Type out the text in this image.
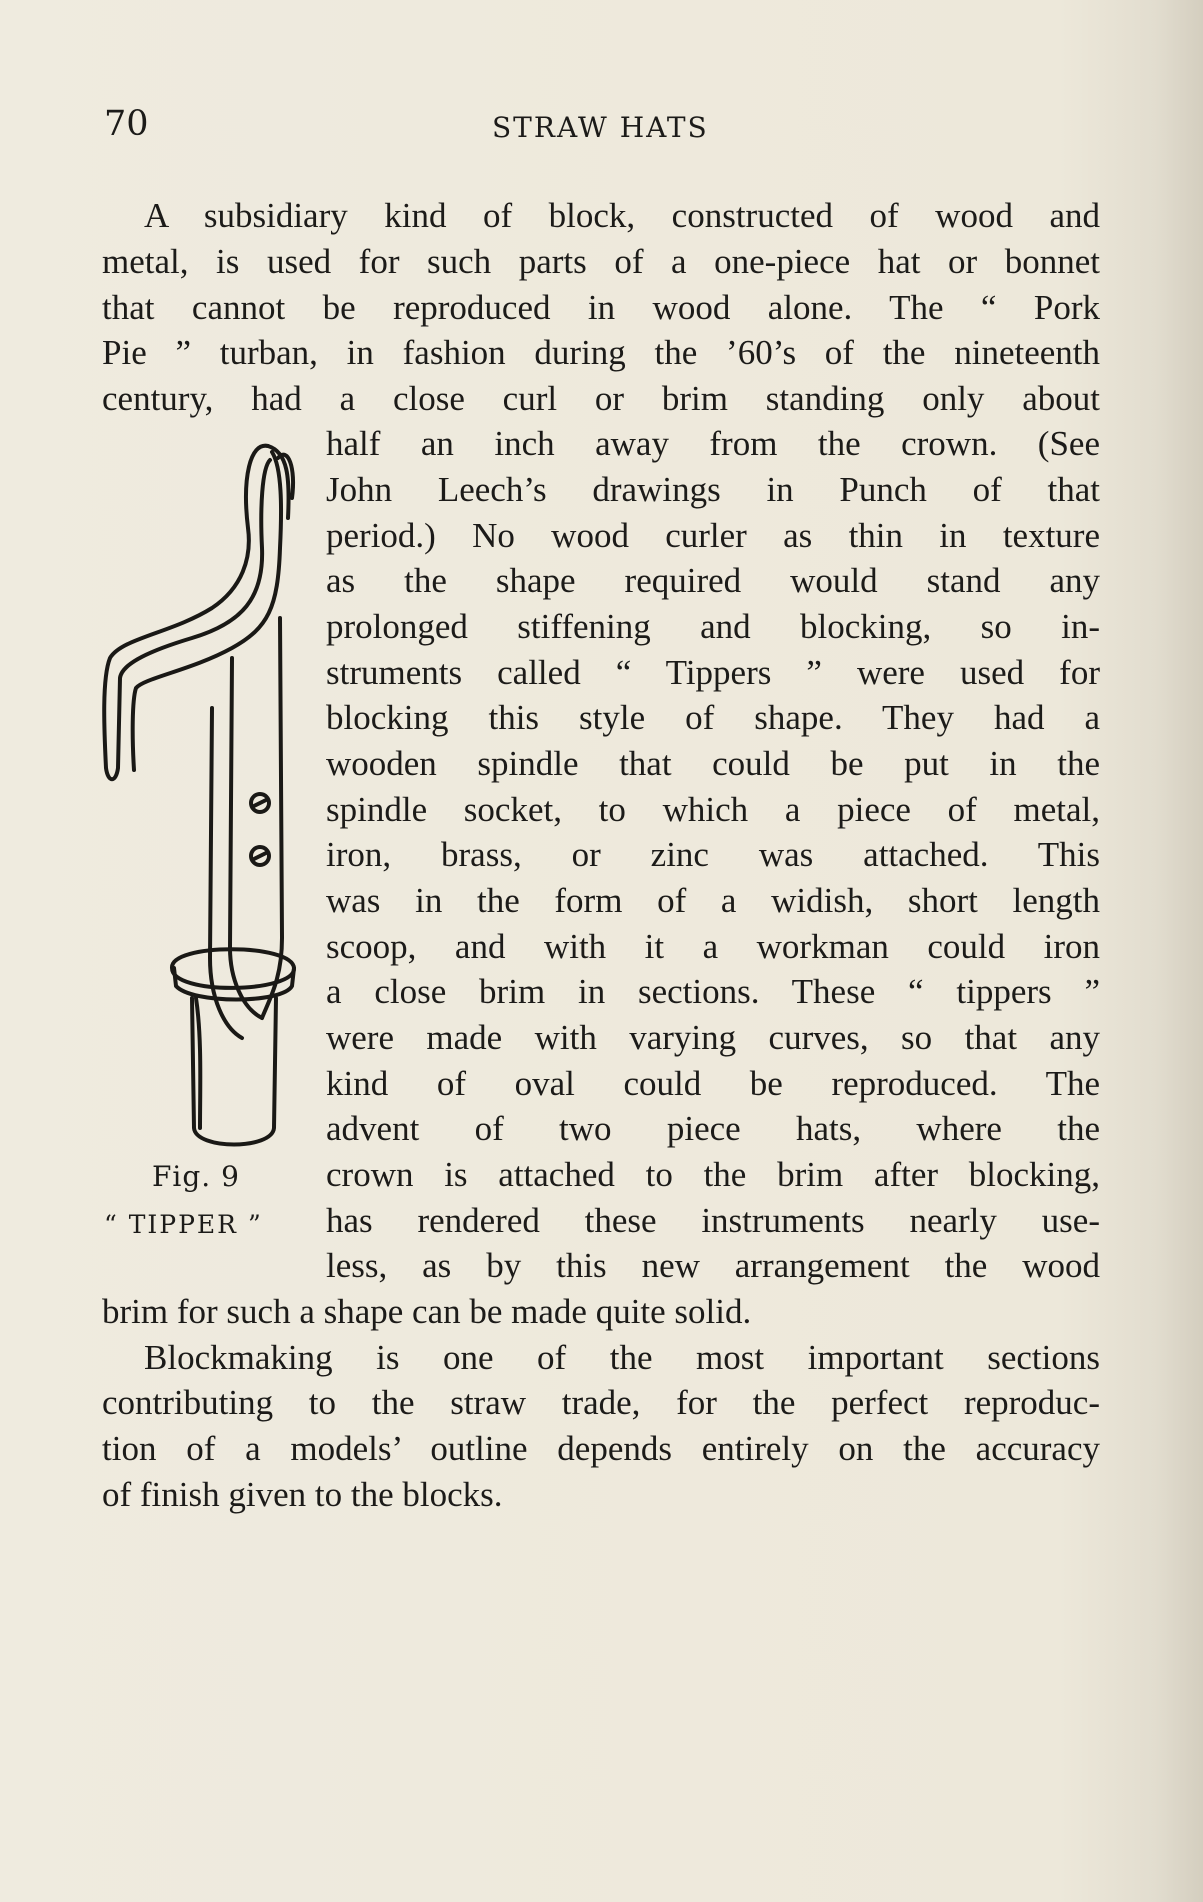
70	STRAW HATS
A subsidiary kind of block, constructed of wood and
metal, is used for such parts of a one-piece hat or bonnet
that cannot be reproduced in wood alone. The “ Pork
Pie ” turban, in fashion during the ’60’s of the nineteenth
century, had a close curl or brim standing only about
half an inch away from the crown. (See
John Leech’s drawings in Punch of that
period.) No wood curler as thin in texture
as the shape required would stand any
prolonged stiffening and blocking, so in-
struments called “ Tippers ” were used for
blocking this style of shape. They had a
wooden spindle that could be put in the
spindle socket, to which a piece of metal,
iron, brass, or zinc was attached. This
was in the form of a widish, short length
scoop, and with it a workman could iron
a close brim in sections. These “ tippers ”
were made with varying curves, so that any
kind of oval could be reproduced. The
advent of two piece hats, where the
crown is attached to the brim after blocking,
has rendered these instruments nearly use-
less, as by this new arrangement the wood
brim for such a shape can be made quite solid.
Blockmaking is one of the most important sections
contributing to the straw trade, for the perfect reproduc-
tion of a models’ outline depends entirely on the accuracy
of finish given to the blocks.
Fig. 9
“ TIPPER ”
